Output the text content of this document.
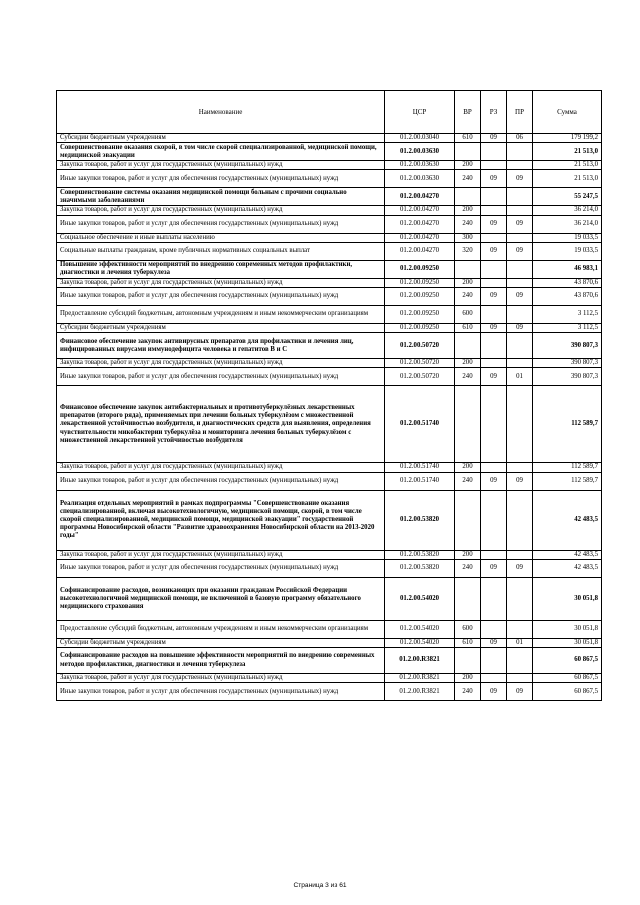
Наименование	ЦСР	ВР	РЗ	ПР	Сумма
Субсидии бюджетным учреждениям	01.2.00.03040	610	09	06	179 199,2
Совершенствование оказания скорой, в том числе скорой специализированной, медицинской помощи, медицинской эвакуации	01.2.00.03630				21 513,0
Закупка товаров, работ и услуг для государственных (муниципальных) нужд	01.2.00.03630	200			21 513,0
Иные закупки товаров, работ и услуг для обеспечения государственных (муниципальных) нужд	01.2.00.03630	240	09	09	21 513,0
Совершенствование системы оказания медицинской помощи больным с прочими социально значимыми заболеваниями	01.2.00.04270				55 247,5
Закупка товаров, работ и услуг для государственных (муниципальных) нужд	01.2.00.04270	200			36 214,0
Иные закупки товаров, работ и услуг для обеспечения государственных (муниципальных) нужд	01.2.00.04270	240	09	09	36 214,0
Социальное обеспечение и иные выплаты населению	01.2.00.04270	300			19 033,5
Социальные выплаты гражданам, кроме публичных нормативных социальных выплат	01.2.00.04270	320	09	09	19 033,5
Повышение эффективности мероприятий по внедрению современных методов профилактики, диагностики и лечения туберкулеза	01.2.00.09250				46 983,1
Закупка товаров, работ и услуг для государственных (муниципальных) нужд	01.2.00.09250	200			43 870,6
Иные закупки товаров, работ и услуг для обеспечения государственных (муниципальных) нужд	01.2.00.09250	240	09	09	43 870,6
Предоставление субсидий бюджетным, автономным учреждениям и иным некоммерческим организациям	01.2.00.09250	600			3 112,5
Субсидии бюджетным учреждениям	01.2.00.09250	610	09	09	3 112,5
Финансовое обеспечение закупок антивирусных препаратов для профилактики и лечения лиц, инфицированных вирусами иммунодефицита человека и гепатитов В и С	01.2.00.50720				390 807,3
Закупка товаров, работ и услуг для государственных (муниципальных) нужд	01.2.00.50720	200			390 807,3
Иные закупки товаров, работ и услуг для обеспечения государственных (муниципальных) нужд	01.2.00.50720	240	09	01	390 807,3
Финансовое обеспечение закупок антибактериальных и противотуберкулёзных лекарственных препаратов (второго ряда), применяемых при лечении больных туберкулёзом с множественной лекарственной устойчивостью возбудителя, и диагностических средств для выявления, определения чувствительности микобактерии туберкулёза и мониторинга лечения больных туберкулёзом с множественной лекарственной устойчивостью возбудителя	01.2.00.51740				112 589,7
Закупка товаров, работ и услуг для государственных (муниципальных) нужд	01.2.00.51740	200			112 589,7
Иные закупки товаров, работ и услуг для обеспечения государственных (муниципальных) нужд	01.2.00.51740	240	09	09	112 589,7
Реализация отдельных мероприятий в рамках подпрограммы "Совершенствование оказания специализированной, включая высокотехнологичную, медицинской помощи, скорой, в том числе скорой специализированной, медицинской помощи, медицинской эвакуации" государственной программы Новосибирской области "Развитие здравоохранения Новосибирской области на 2013-2020 годы"	01.2.00.53820				42 483,5
Закупка товаров, работ и услуг для государственных (муниципальных) нужд	01.2.00.53820	200			42 483,5
Иные закупки товаров, работ и услуг для обеспечения государственных (муниципальных) нужд	01.2.00.53820	240	09	09	42 483,5
Софинансирование расходов, возникающих при оказании гражданам Российской Федерации высокотехнологичной медицинской помощи, не включенной в базовую программу обязательного медицинского страхования	01.2.00.54020				30 051,8
Предоставление субсидий бюджетным, автономным учреждениям и иным некоммерческим организациям	01.2.00.54020	600			30 051,8
Субсидии бюджетным учреждениям	01.2.00.54020	610	09	01	30 051,8
Софинансирование расходов на повышение эффективности мероприятий по внедрению современных методов профилактики, диагностики и лечения туберкулеза	01.2.00.R3821				60 867,5
Закупка товаров, работ и услуг для государственных (муниципальных) нужд	01.2.00.R3821	200			60 867,5
Иные закупки товаров, работ и услуг для обеспечения государственных (муниципальных) нужд	01.2.00.R3821	240	09	09	60 867,5
Страница 3 из 61
